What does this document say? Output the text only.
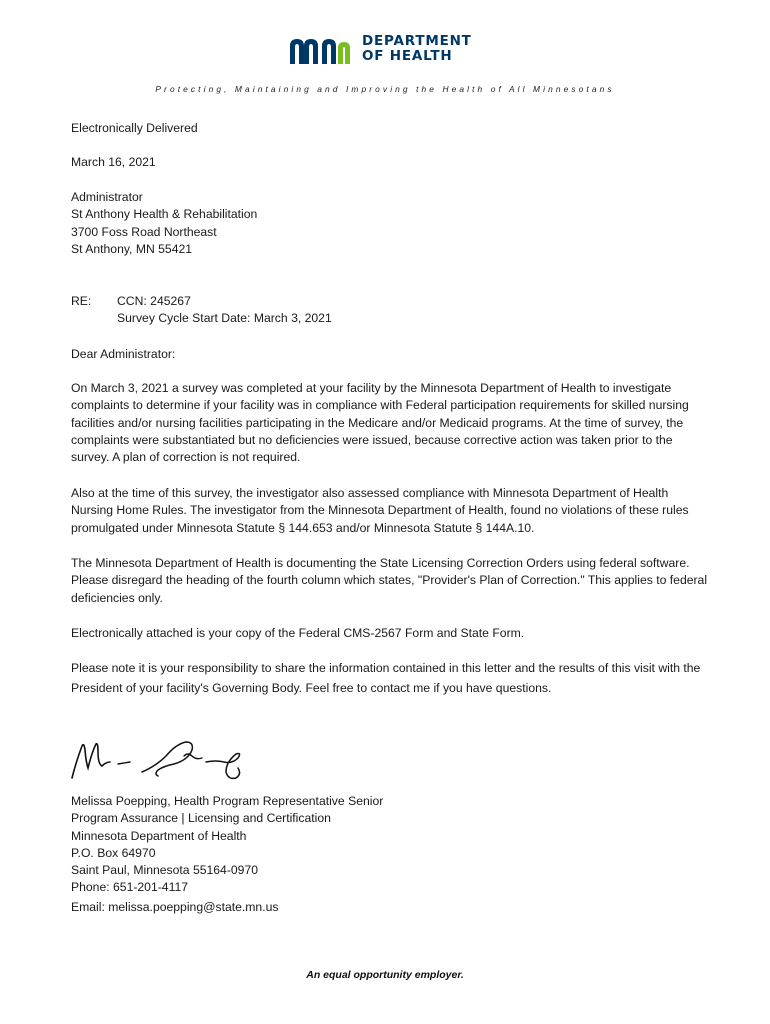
DEPARTMENT
OF HEALTH
Protecting, Maintaining and Improving the Health of All Minnesotans
Electronically Delivered
March 16, 2021
Administrator
St Anthony Health & Rehabilitation
3700 Foss Road Northeast
St Anthony, MN 55421
RE: CCN: 245267
Survey Cycle Start Date: March 3, 2021
Dear Administrator:
On March 3, 2021 a survey was completed at your facility by the Minnesota Department of Health to investigate complaints to determine if your facility was in compliance with Federal participation requirements for skilled nursing facilities and/or nursing facilities participating in the Medicare and/or Medicaid programs. At the time of survey, the complaints were substantiated but no deficiencies were issued, because corrective action was taken prior to the survey. A plan of correction is not required.
Also at the time of this survey, the investigator also assessed compliance with Minnesota Department of Health Nursing Home Rules. The investigator from the Minnesota Department of Health, found no violations of these rules promulgated under Minnesota Statute § 144.653 and/or Minnesota Statute § 144A.10.
The Minnesota Department of Health is documenting the State Licensing Correction Orders using federal software. Please disregard the heading of the fourth column which states, "Provider's Plan of Correction." This applies to federal deficiencies only.
Electronically attached is your copy of the Federal CMS-2567 Form and State Form.
Please note it is your responsibility to share the information contained in this letter and the results of this visit with the President of your facility's Governing Body. Feel free to contact me if you have questions.
Melissa Poepping, Health Program Representative Senior
Program Assurance | Licensing and Certification
Minnesota Department of Health
P.O. Box 64970
Saint Paul, Minnesota 55164-0970
Phone: 651-201-4117
Email: melissa.poepping@state.mn.us
An equal opportunity employer.
